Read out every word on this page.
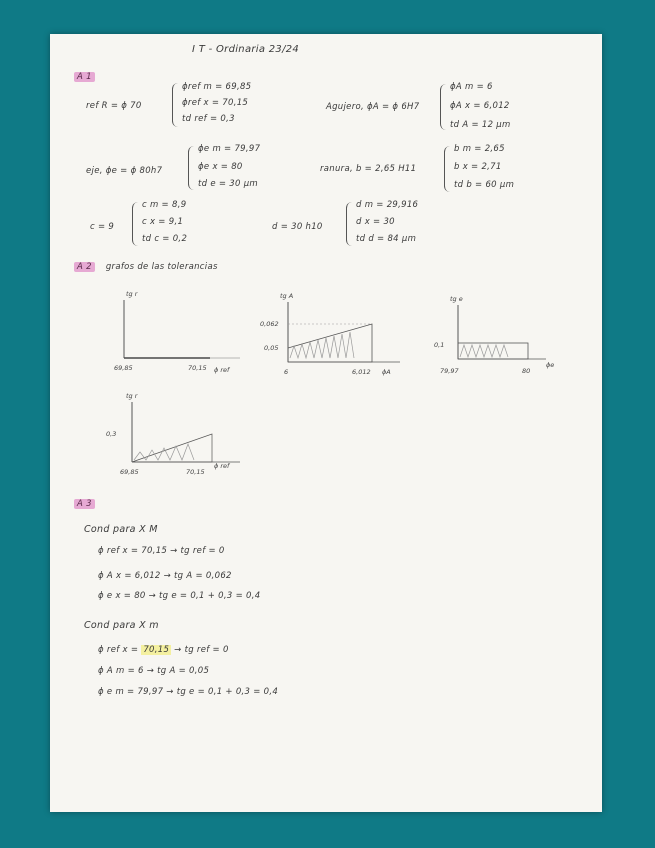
I T - Ordinaria 23/24
A 1
ref R = ϕ 70
ϕref m = 69,85
ϕref x = 70,15
td ref = 0,3
Agujero, ϕA = ϕ 6H7
ϕA m = 6
ϕA x = 6,012
td A = 12 μm
eje, ϕe = ϕ 80h7
ϕe m = 79,97
ϕe x = 80
td e = 30 μm
ranura, b = 2,65 H11
b m = 2,65
b x = 2,71
td b = 60 μm
c = 9
c m = 8,9
c x = 9,1
td c = 0,2
d = 30 h10
d m = 29,916
d x = 30
td d = 84 μm
A 2 grafos de las tolerancias
tg r
69,85	70,15 ϕ ref
tg A
0,062
0,05
6	6,012 ϕA
tg e
0,1
79,97	80
ϕe
tg r
0,3
69,85	70,15
ϕ ref
A 3
Cond para X M
ϕ ref x = 70,15 → tg ref = 0
ϕ A x = 6,012 → tg A = 0,062
ϕ e x = 80 → tg e = 0,1 + 0,3 = 0,4
Cond para X m
ϕ ref x = 70,15 → tg ref = 0
ϕ A m = 6 → tg A = 0,05
ϕ e m = 79,97 → tg e = 0,1 + 0,3 = 0,4
